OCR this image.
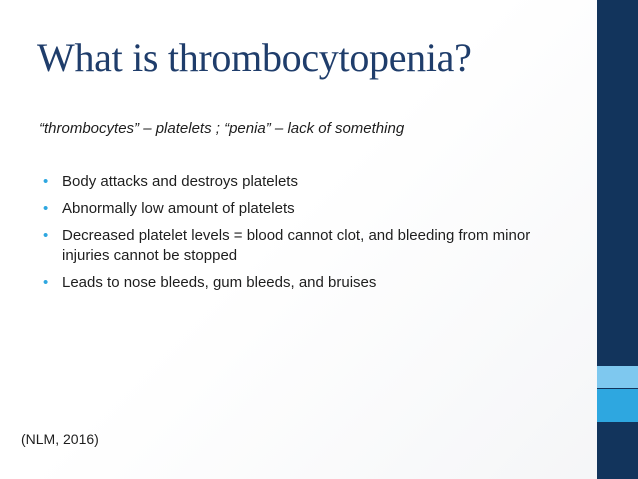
What is thrombocytopenia?
“thrombocytes” – platelets ; “penia” – lack of something
• Body attacks and destroys platelets
• Abnormally low amount of platelets
• Decreased platelet levels = blood cannot clot, and bleeding from minor injuries cannot be stopped
• Leads to nose bleeds, gum bleeds, and bruises
(NLM, 2016)
